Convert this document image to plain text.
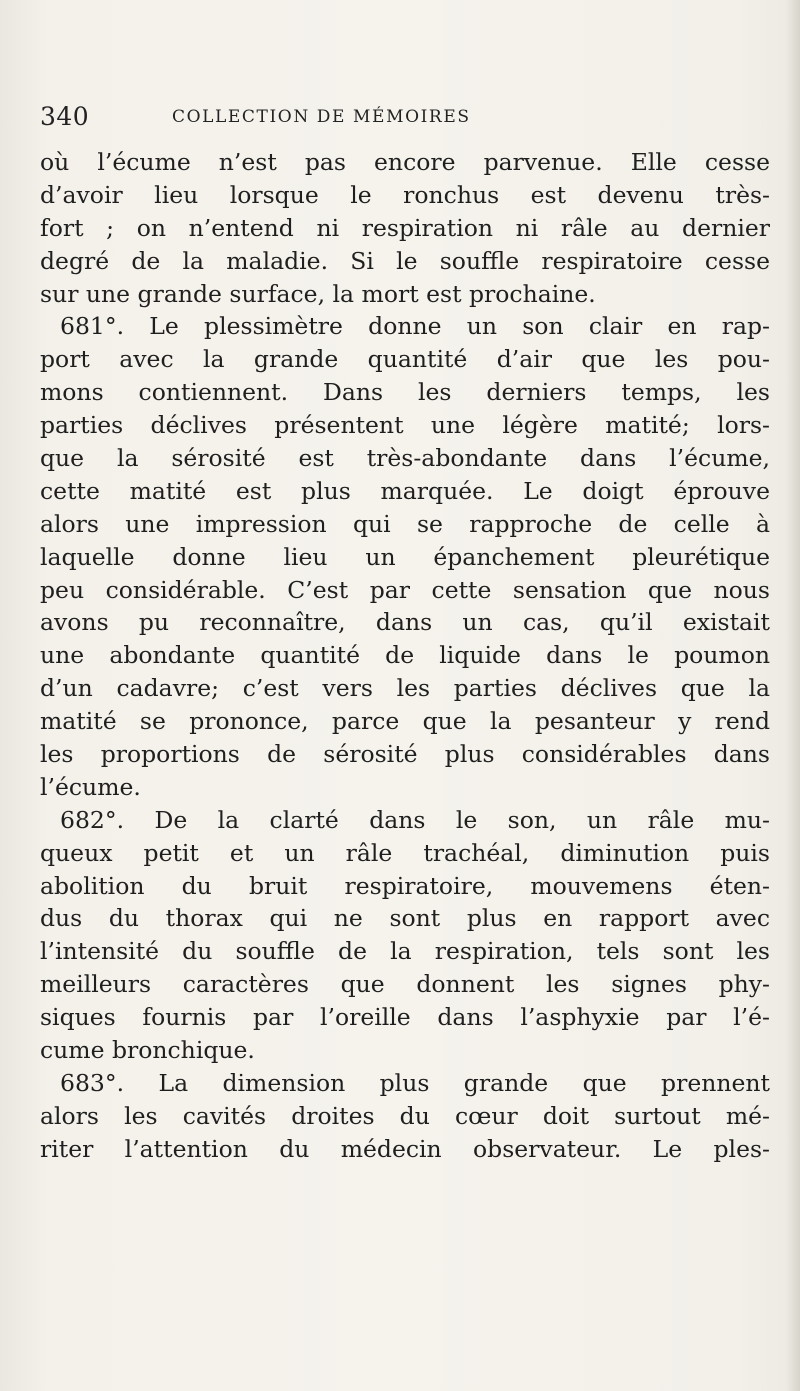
340	COLLECTION DE MÉMOIRES
où l’écume n’est pas encore parvenue. Elle cesse
d’avoir lieu lorsque le ronchus est devenu très-
fort ; on n’entend ni respiration ni râle au dernier
degré de la maladie. Si le souffle respiratoire cesse
sur une grande surface, la mort est prochaine.
681°. Le plessimètre donne un son clair en rap-
port avec la grande quantité d’air que les pou-
mons contiennent. Dans les derniers temps, les
parties déclives présentent une légère matité; lors-
que la sérosité est très-abondante dans l’écume,
cette matité est plus marquée. Le doigt éprouve
alors une impression qui se rapproche de celle à
laquelle donne lieu un épanchement pleurétique
peu considérable. C’est par cette sensation que nous
avons pu reconnaître, dans un cas, qu’il existait
une abondante quantité de liquide dans le poumon
d’un cadavre; c’est vers les parties déclives que la
matité se prononce, parce que la pesanteur y rend
les proportions de sérosité plus considérables dans
l’écume.
682°. De la clarté dans le son, un râle mu-
queux petit et un râle trachéal, diminution puis
abolition du bruit respiratoire, mouvemens éten-
dus du thorax qui ne sont plus en rapport avec
l’intensité du souffle de la respiration, tels sont les
meilleurs caractères que donnent les signes phy-
siques fournis par l’oreille dans l’asphyxie par l’é-
cume bronchique.
683°. La dimension plus grande que prennent
alors les cavités droites du cœur doit surtout mé-
riter l’attention du médecin observateur. Le ples-
